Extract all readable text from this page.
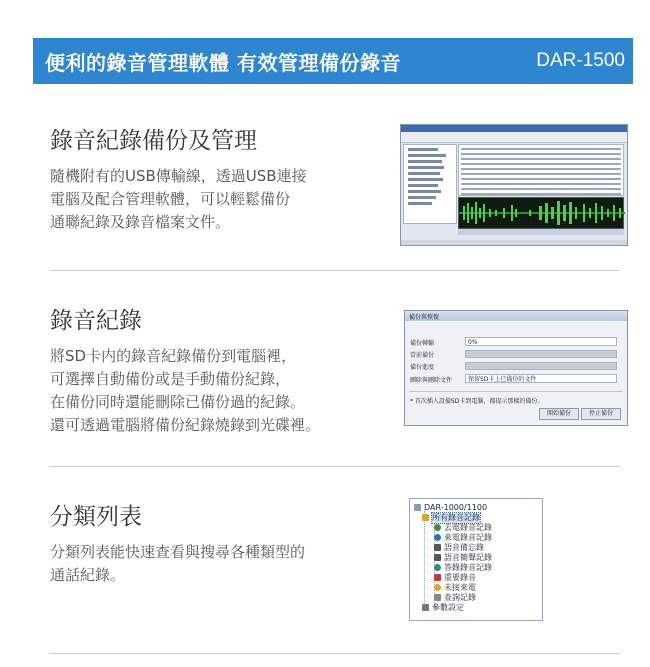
便利的錄音管理軟體 有效管理備份錄音	DAR-1500
錄音紀錄備份及管理
隨機附有的USB傳輸線，透過USB連接
電腦及配合管理軟體，可以輕鬆備份
通聯紀錄及錄音檔案文件。
錄音紀錄
將SD卡内的錄音紀錄備份到電腦裡，
可選擇自動備份或是手動備份紀錄，
在備份同時還能刪除已備份過的紀錄。
還可透過電腦將備份紀錄燒錄到光碟裡。
備份與恢復
備份轉輸	0%
當前備份
備份進度
刪除與刪除文件	保留SD卡上已備份的文件
* 首次插入設備SD卡到電腦，都提示那樣的備份。
開始備份	停止備份
分類列表
分類列表能快速查看與搜尋各種類型的
通話紀錄。
DAR-1000/1100
所有錄音記錄
去電錄音記錄
來電錄音記錄
語音備忘錄
語音簡聲記錄
答錄錄音記錄
重要錄音
未接來電
查詢記錄
參數設定
